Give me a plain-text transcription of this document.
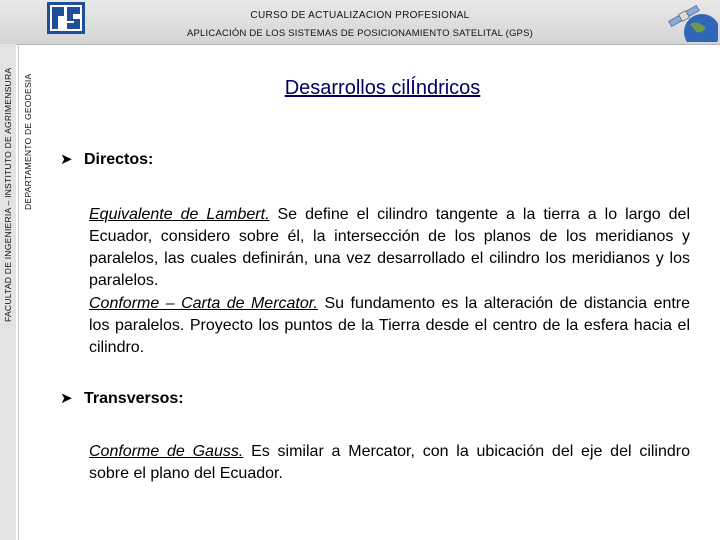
CURSO DE ACTUALIZACION PROFESIONAL
APLICACIÓN DE LOS SISTEMAS DE POSICIONAMIENTO SATELITAL (GPS)
FACULTAD DE INGENIERIA – INSTITUTO DE AGRIMENSURA DEPARTAMENTO DE GEODESIA	Desarrollos cilÍndricos
➤ Directos:
Equivalente de Lambert. Se define el cilindro tangente a la tierra a lo largo del Ecuador, considero sobre él, la intersección de los planos de los meridianos y paralelos, las cuales definirán, una vez desarrollado el cilindro los meridianos y los paralelos.
Conforme – Carta de Mercator. Su fundamento es la alteración de distancia entre los paralelos. Proyecto los puntos de la Tierra desde el centro de la esfera hacia el cilindro.
➤ Transversos:
Conforme de Gauss. Es similar a Mercator, con la ubicación del eje del cilindro sobre el plano del Ecuador.
